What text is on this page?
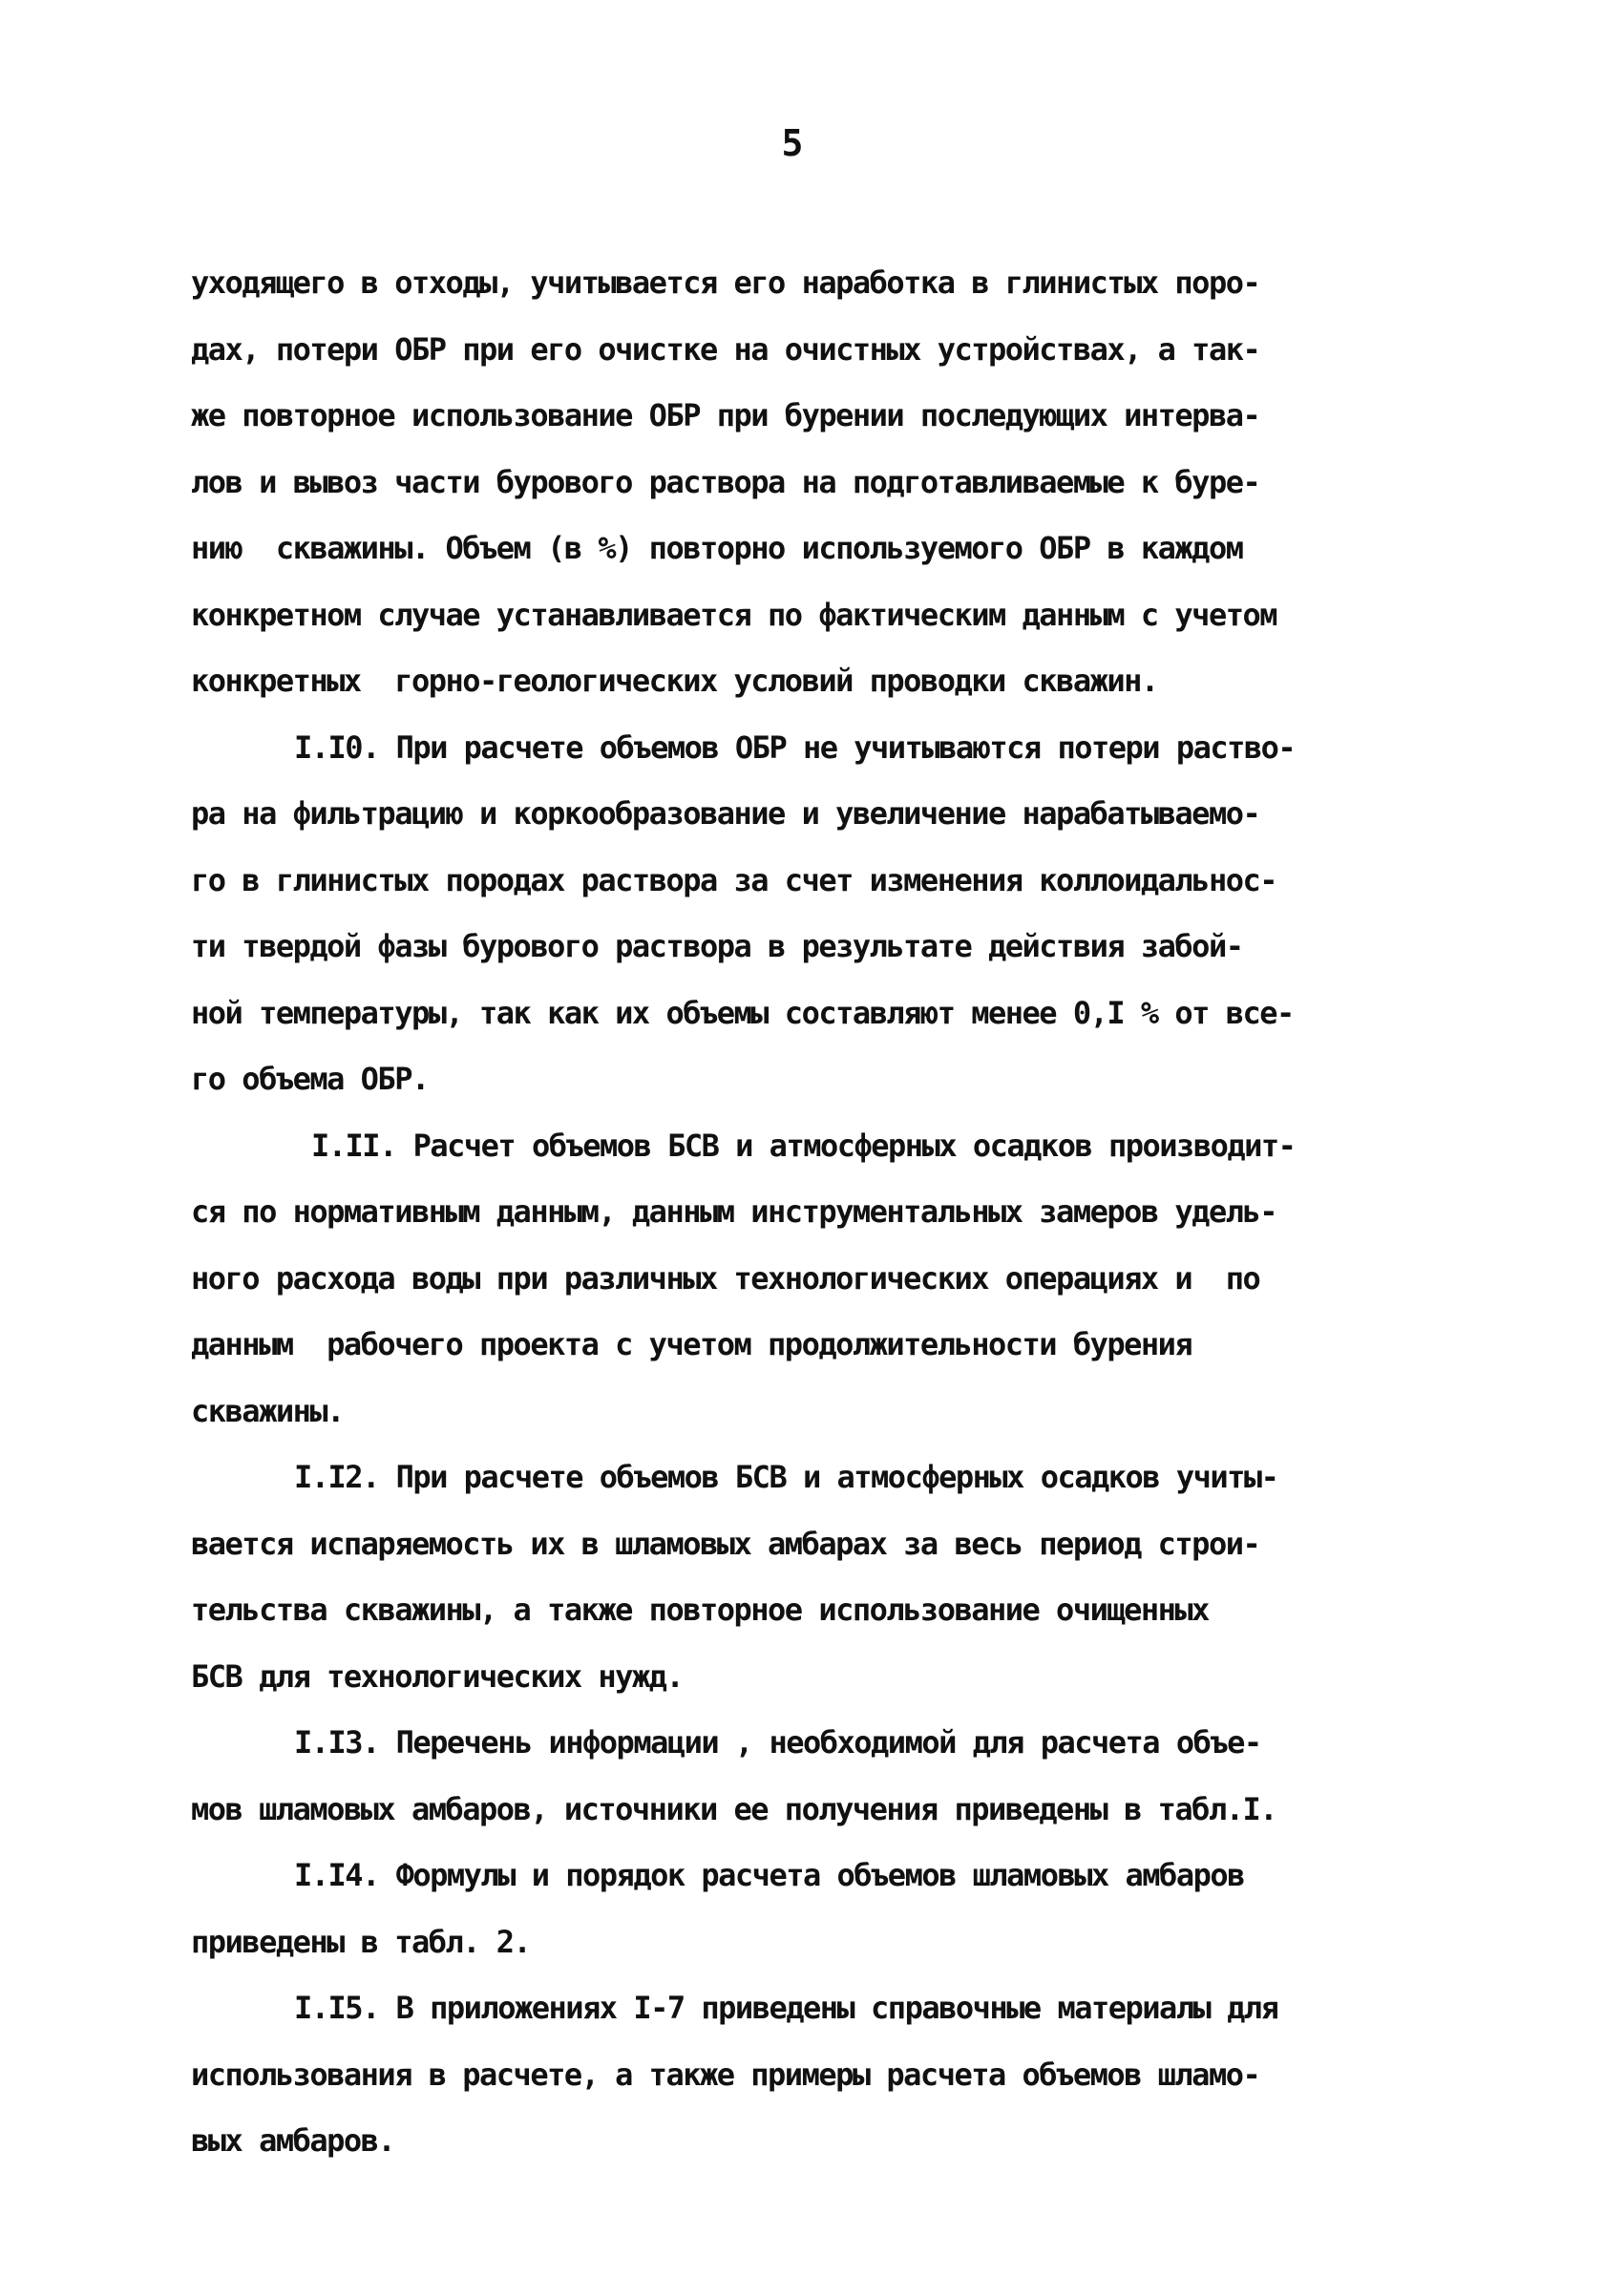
5
уходящего в отходы, учитывается его наработка в глинистых поро-
дах, потери ОБР при его очистке на очистных устройствах, а так-
же повторное использование ОБР при бурении последующих интерва-
лов и вывоз части бурового раствора на подготавливаемые к буре-
нию  скважины. Объем (в %) повторно используемого ОБР в каждом
конкретном случае устанавливается по фактическим данным с учетом
конкретных  горно-геологических условий проводки скважин.
I.I0. При расчете объемов ОБР не учитываются потери раство-
ра на фильтрацию и коркообразование и увеличение нарабатываемо-
го в глинистых породах раствора за счет изменения коллоидальнос-
ти твердой фазы бурового раствора в результате действия забой-
ной температуры, так как их объемы составляют менее 0,I % от все-
го объема ОБР.
I.II. Расчет объемов БСВ и атмосферных осадков производит-
ся по нормативным данным, данным инструментальных замеров удель-
ного расхода воды при различных технологических операциях и  по
данным  рабочего проекта с учетом продолжительности бурения
скважины.
I.I2. При расчете объемов БСВ и атмосферных осадков учиты-
вается испаряемость их в шламовых амбарах за весь период строи-
тельства скважины, а также повторное использование очищенных
БСВ для технологических нужд.
I.I3. Перечень информации , необходимой для расчета объе-
мов шламовых амбаров, источники ее получения приведены в табл.I.
I.I4. Формулы и порядок расчета объемов шламовых амбаров
приведены в табл. 2.
I.I5. В приложениях I-7 приведены справочные материалы для
использования в расчете, а также примеры расчета объемов шламо-
вых амбаров.
